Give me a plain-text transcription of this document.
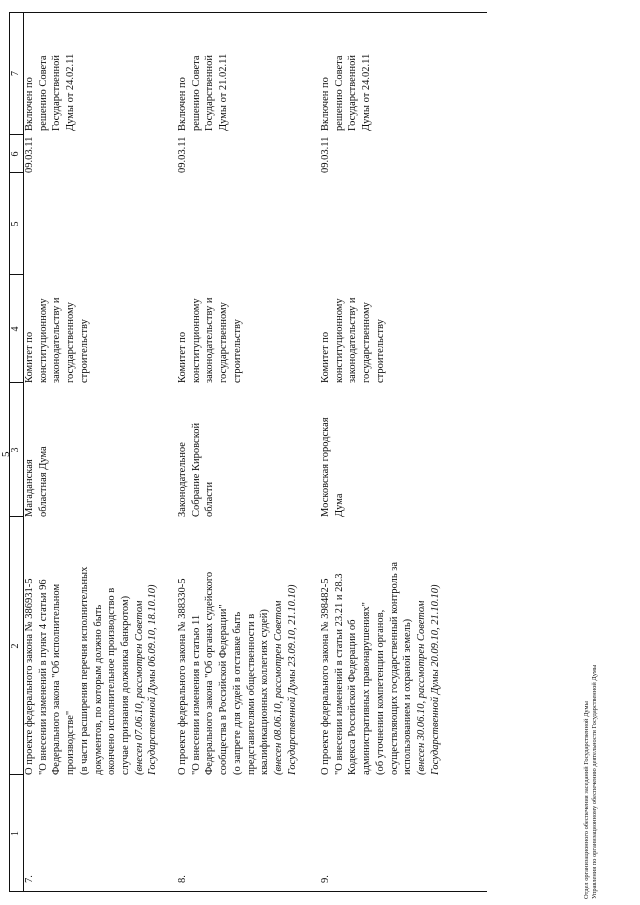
5
1
2
3
4
5
6
7
7.
О проекте федерального закона № 386931-5 "О внесении изменений в пункт 4 статьи 96 Федерального закона "Об исполнительном производстве" (в части расширения перечня исполнительных документов, по которым должно быть окончено исполнительное производство в случае признания должника банкротом) (внесен 07.06.10, рассмотрен Советом Государственной Думы 06.09.10, 18.10.10)
Магаданская областная Дума
Комитет по конституционному законодательству и государственному строительству
09.03.11
Включен по решению Совета Государственной Думы от 24.02.11
8.
О проекте федерального закона № 388330-5 "О внесении изменения в статью 11 Федерального закона "Об органах судейского сообщества в Российской Федерации" (о запрете для судей в отставке быть представителями общественности в квалификационных коллегиях судей) (внесен 08.06.10, рассмотрен Советом Государственной Думы 23.09.10, 21.10.10)
Законодательное Собрание Кировской области
Комитет по конституционному законодательству и государственному строительству
09.03.11
Включен по решению Совета Государственной Думы от 21.02.11
9.
О проекте федерального закона № 398482-5 "О внесении изменений в статьи 23.21 и 28.3 Кодекса Российской Федерации об административных правонарушениях" (об уточнении компетенции органов, осуществляющих государственный контроль за использованием и охраной земель) (внесен 30.06.10, рассмотрен Советом Государственной Думы 20.09.10, 21.10.10)
Московская городская Дума
Комитет по конституционному законодательству и государственному строительству
09.03.11
Включен по решению Совета Государственной Думы от 24.02.11
Отдел организационного обеспечения заседаний Государственной Думы Управления по организационному обеспечению деятельности Государственной Думы
